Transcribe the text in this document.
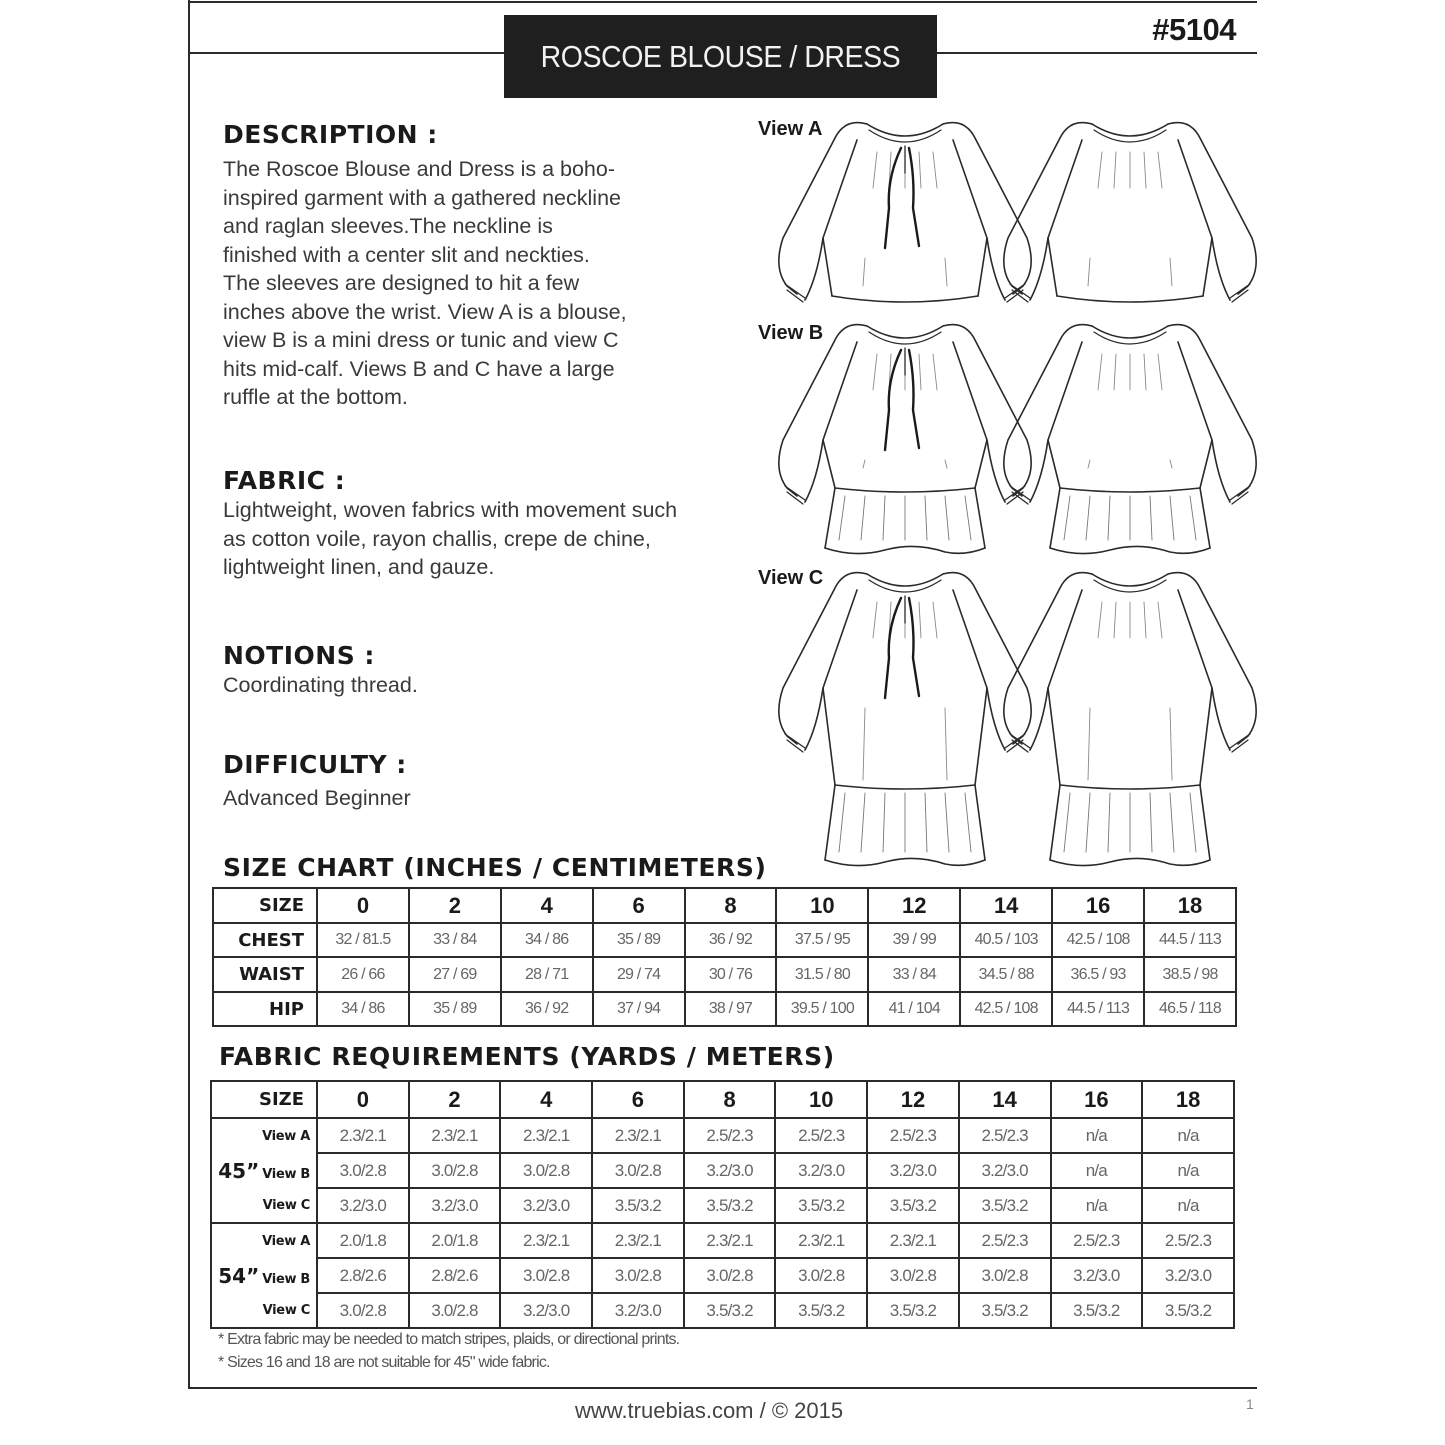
ROSCOE BLOUSE / DRESS
#5104
DESCRIPTION :
The Roscoe Blouse and Dress is a boho-
inspired garment with a gathered neckline
and raglan sleeves.The neckline is
finished with a center slit and neckties.
The sleeves are designed to hit a few
inches above the wrist. View A is a blouse,
view B is a mini dress or tunic and view C
hits mid-calf. Views B and C have a large
ruffle at the bottom.
FABRIC :
Lightweight, woven fabrics with movement such
as cotton voile, rayon challis, crepe de chine,
lightweight linen, and gauze.
NOTIONS :
Coordinating thread.
DIFFICULTY :
Advanced Beginner
View A
View B
View C
SIZE CHART (INCHES / CENTIMETERS)
SIZE	0	2	4	6	8	10	12	14	16	18
CHEST	32 / 81.5	33 / 84	34 / 86	35 / 89	36 / 92	37.5 / 95	39 / 99	40.5 / 103	42.5 / 108	44.5 / 113
WAIST	26 / 66	27 / 69	28 / 71	29 / 74	30 / 76	31.5 / 80	33 / 84	34.5 / 88	36.5 / 93	38.5 / 98
HIP	34 / 86	35 / 89	36 / 92	37 / 94	38 / 97	39.5 / 100	41 / 104	42.5 / 108	44.5 / 113	46.5 / 118
FABRIC REQUIREMENTS (YARDS / METERS)
SIZE	0	2	4	6	8	10	12	14	16	18
View A	2.3/2.1	2.3/2.1	2.3/2.1	2.3/2.1	2.5/2.3	2.5/2.3	2.5/2.3	2.5/2.3	n/a	n/a
45” View B	3.0/2.8	3.0/2.8	3.0/2.8	3.0/2.8	3.2/3.0	3.2/3.0	3.2/3.0	3.2/3.0	n/a	n/a
View C	3.2/3.0	3.2/3.0	3.2/3.0	3.5/3.2	3.5/3.2	3.5/3.2	3.5/3.2	3.5/3.2	n/a	n/a
View A	2.0/1.8	2.0/1.8	2.3/2.1	2.3/2.1	2.3/2.1	2.3/2.1	2.3/2.1	2.5/2.3	2.5/2.3	2.5/2.3
54” View B	2.8/2.6	2.8/2.6	3.0/2.8	3.0/2.8	3.0/2.8	3.0/2.8	3.0/2.8	3.0/2.8	3.2/3.0	3.2/3.0
View C	3.0/2.8	3.0/2.8	3.2/3.0	3.2/3.0	3.5/3.2	3.5/3.2	3.5/3.2	3.5/3.2	3.5/3.2	3.5/3.2
* Extra fabric may be needed to match stripes, plaids, or directional prints.
* Sizes 16 and 18 are not suitable for 45" wide fabric.
www.truebias.com / © 2015	1
